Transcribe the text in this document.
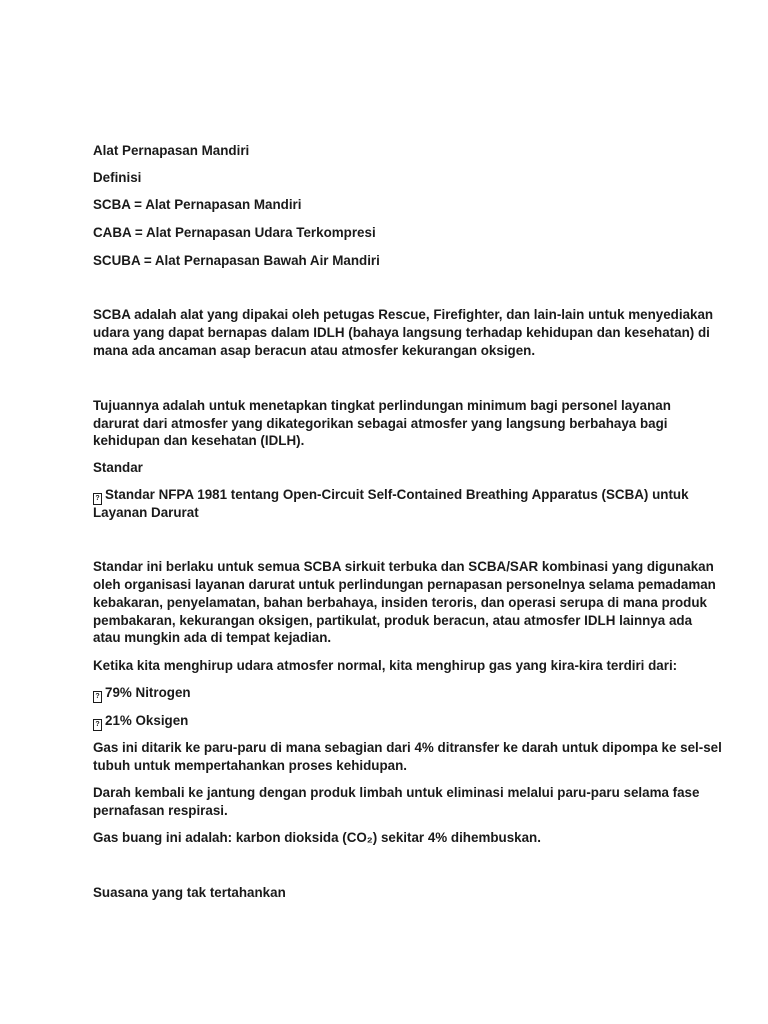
Alat Pernapasan Mandiri
Definisi
SCBA = Alat Pernapasan Mandiri
CABA = Alat Pernapasan Udara Terkompresi
SCUBA = Alat Pernapasan Bawah Air Mandiri
SCBA adalah alat yang dipakai oleh petugas Rescue, Firefighter, dan lain-lain untuk menyediakan
udara yang dapat bernapas dalam IDLH (bahaya langsung terhadap kehidupan dan kesehatan) di
mana ada ancaman asap beracun atau atmosfer kekurangan oksigen.
Tujuannya adalah untuk menetapkan tingkat perlindungan minimum bagi personel layanan
darurat dari atmosfer yang dikategorikan sebagai atmosfer yang langsung berbahaya bagi
kehidupan dan kesehatan (IDLH).
Standar
? Standar NFPA 1981 tentang Open-Circuit Self-Contained Breathing Apparatus (SCBA) untuk
Layanan Darurat
Standar ini berlaku untuk semua SCBA sirkuit terbuka dan SCBA/SAR kombinasi yang digunakan
oleh organisasi layanan darurat untuk perlindungan pernapasan personelnya selama pemadaman
kebakaran, penyelamatan, bahan berbahaya, insiden teroris, dan operasi serupa di mana produk
pembakaran, kekurangan oksigen, partikulat, produk beracun, atau atmosfer IDLH lainnya ada
atau mungkin ada di tempat kejadian.
Ketika kita menghirup udara atmosfer normal, kita menghirup gas yang kira-kira terdiri dari:
? 79% Nitrogen
? 21% Oksigen
Gas ini ditarik ke paru-paru di mana sebagian dari 4% ditransfer ke darah untuk dipompa ke sel-sel
tubuh untuk mempertahankan proses kehidupan.
Darah kembali ke jantung dengan produk limbah untuk eliminasi melalui paru-paru selama fase
pernafasan respirasi.
Gas buang ini adalah: karbon dioksida (CO₂) sekitar 4% dihembuskan.
Suasana yang tak tertahankan
